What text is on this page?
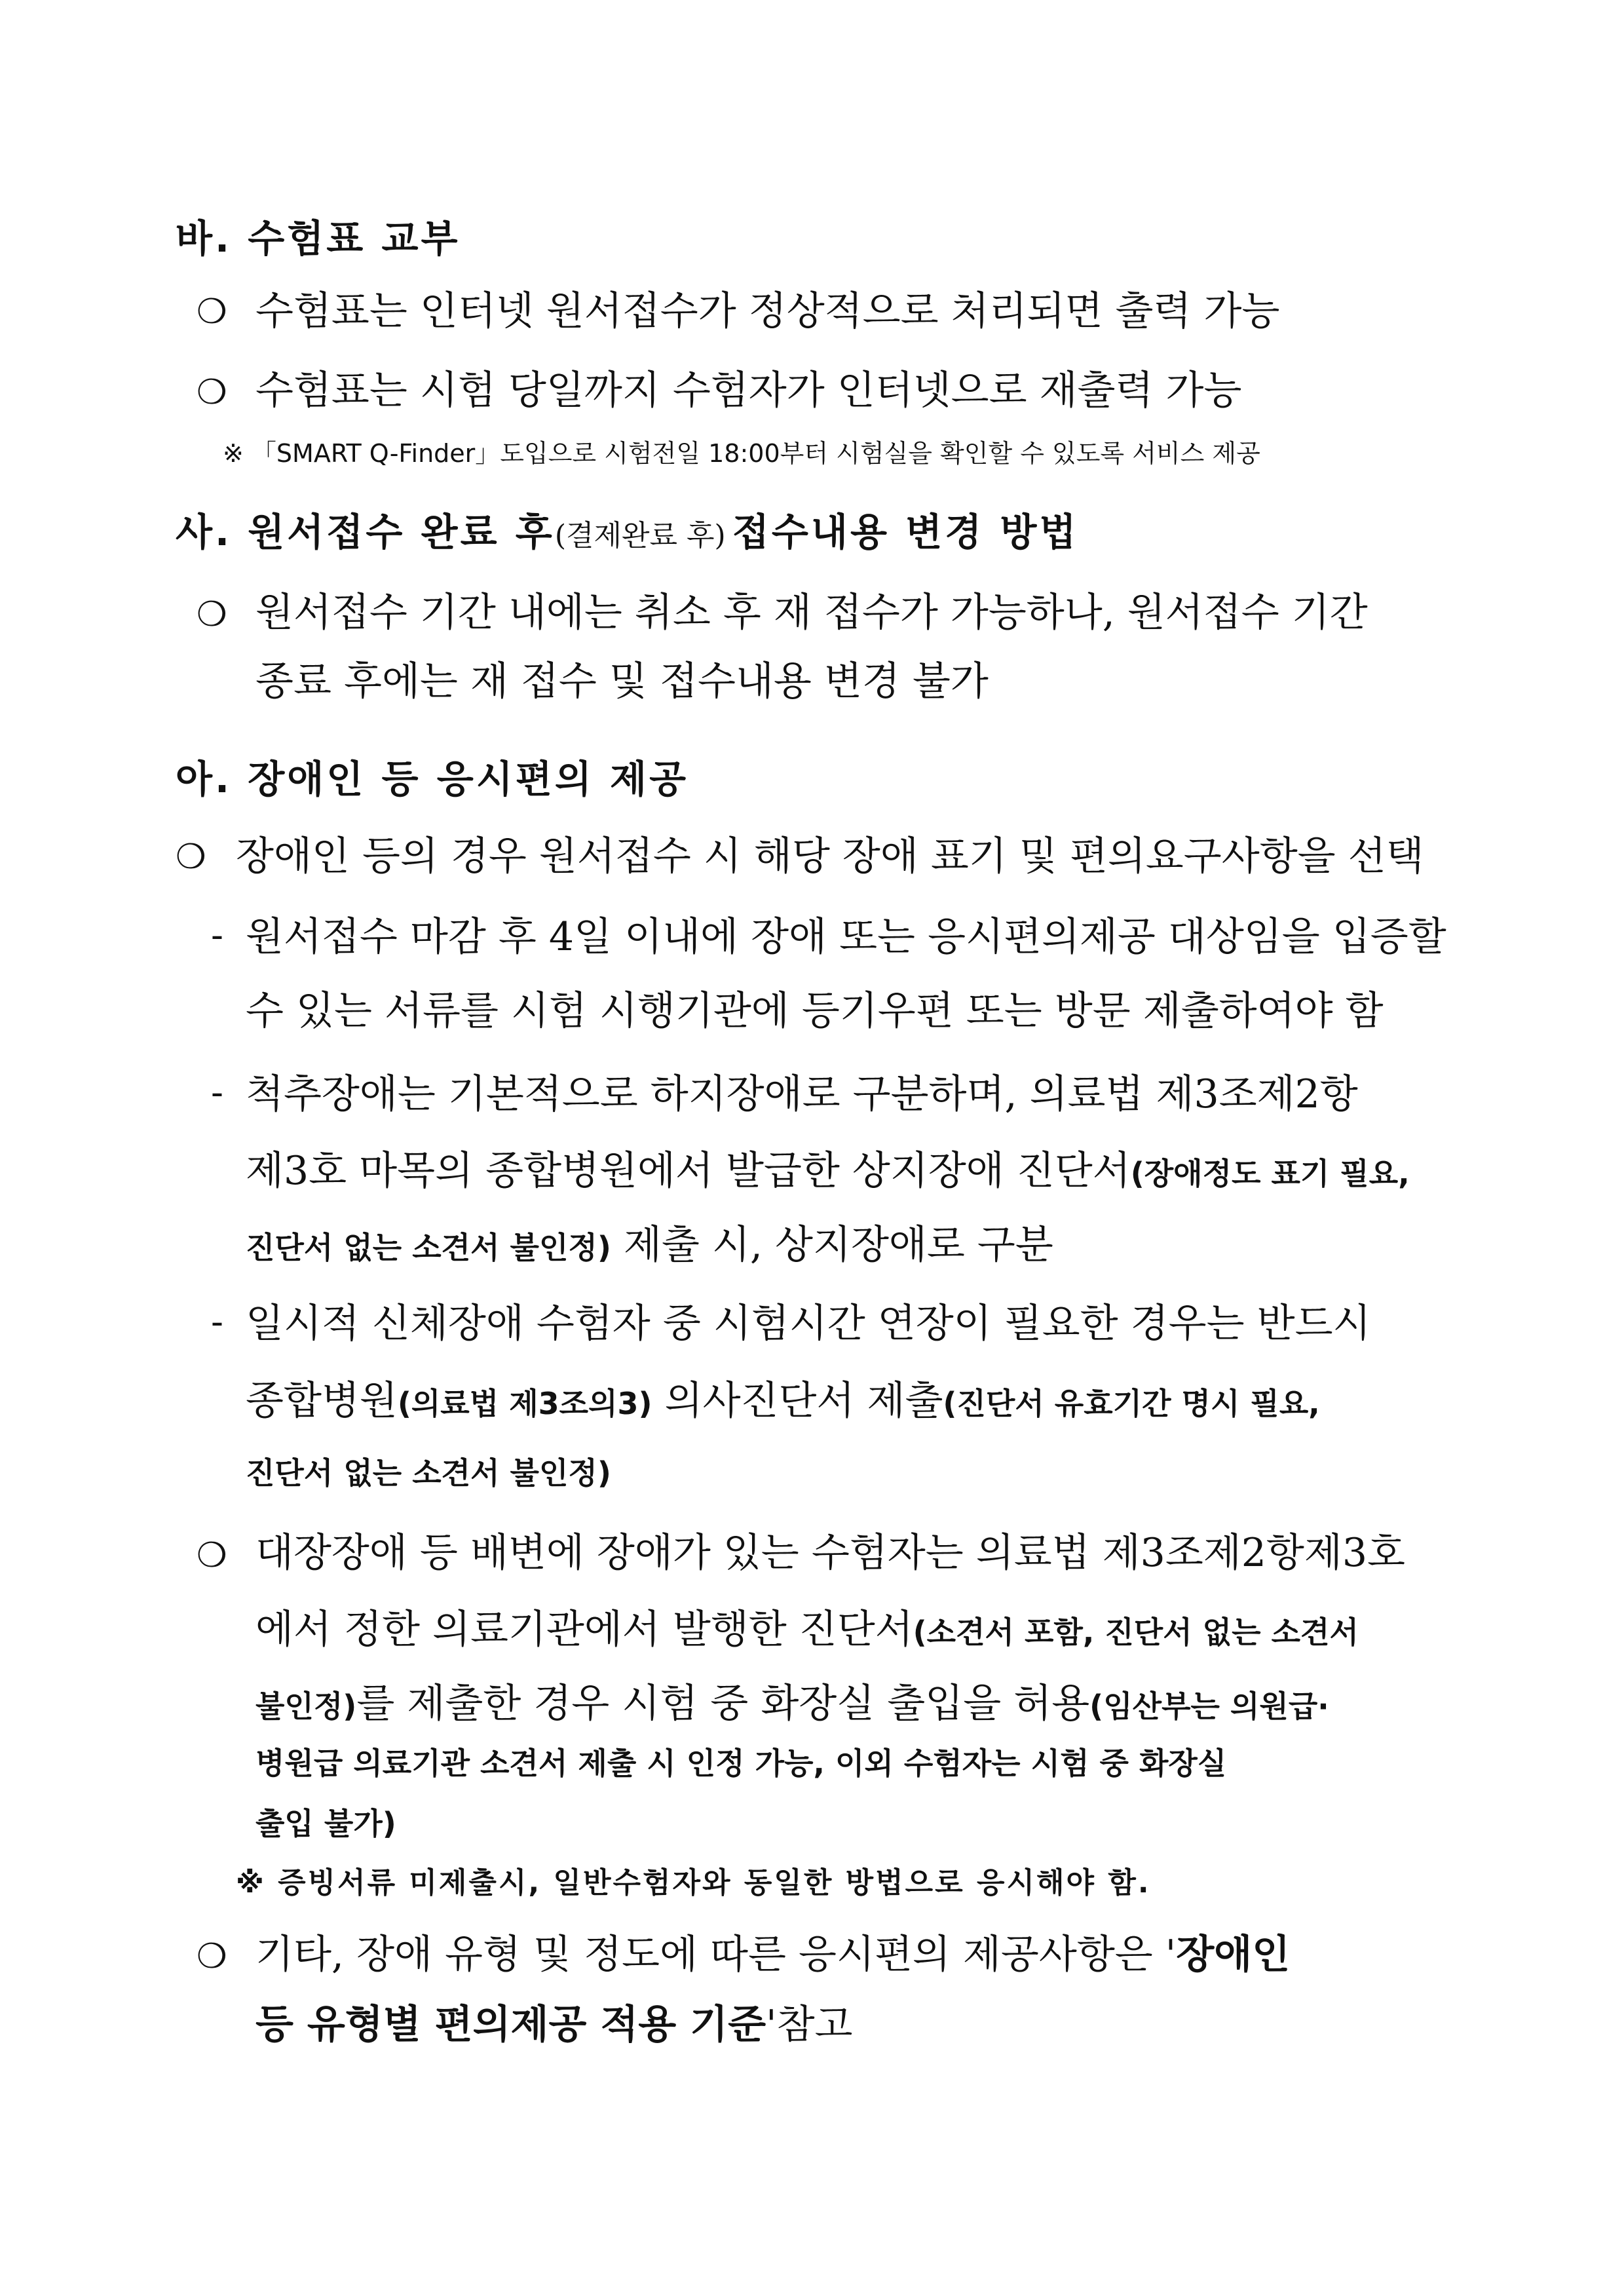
바. 수험표 교부
❍ 수험표는 인터넷 원서접수가 정상적으로 처리되면 출력 가능
❍ 수험표는 시험 당일까지 수험자가 인터넷으로 재출력 가능
※ 「SMART Q-Finder」도입으로 시험전일 18:00부터 시험실을 확인할 수 있도록 서비스 제공
사. 원서접수 완료 후(결제완료 후) 접수내용 변경 방법
❍ 원서접수 기간 내에는 취소 후 재 접수가 가능하나, 원서접수 기간
종료 후에는 재 접수 및 접수내용 변경 불가
아. 장애인 등 응시편의 제공
❍ 장애인 등의 경우 원서접수 시 해당 장애 표기 및 편의요구사항을 선택
- 원서접수 마감 후 4일 이내에 장애 또는 응시편의제공 대상임을 입증할
수 있는 서류를 시험 시행기관에 등기우편 또는 방문 제출하여야 함
- 척추장애는 기본적으로 하지장애로 구분하며, 의료법 제3조제2항
제3호 마목의 종합병원에서 발급한 상지장애 진단서(장애정도 표기 필요,
진단서 없는 소견서 불인정) 제출 시, 상지장애로 구분
- 일시적 신체장애 수험자 중 시험시간 연장이 필요한 경우는 반드시
종합병원(의료법 제3조의3) 의사진단서 제출(진단서 유효기간 명시 필요,
진단서 없는 소견서 불인정)
❍ 대장장애 등 배변에 장애가 있는 수험자는 의료법 제3조제2항제3호
에서 정한 의료기관에서 발행한 진단서(소견서 포함, 진단서 없는 소견서
불인정)를 제출한 경우 시험 중 화장실 출입을 허용(임산부는 의원급·
병원급 의료기관 소견서 제출 시 인정 가능, 이외 수험자는 시험 중 화장실
출입 불가)
※ 증빙서류 미제출시, 일반수험자와 동일한 방법으로 응시해야 함.
❍ 기타, 장애 유형 및 정도에 따른 응시편의 제공사항은 '장애인
등 유형별 편의제공 적용 기준'참고
